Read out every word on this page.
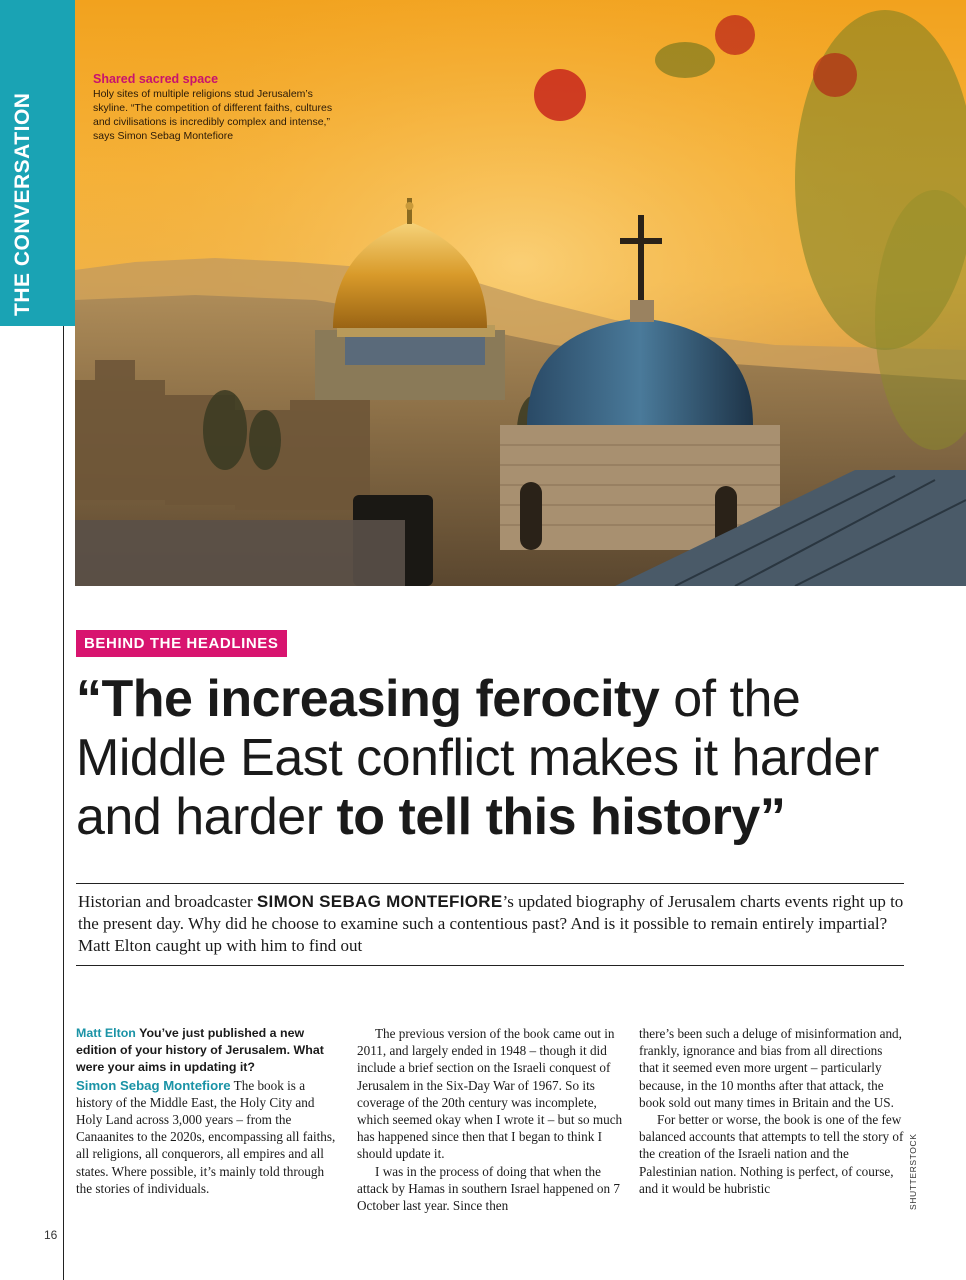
THE CONVERSATION
16
Shared sacred space
Holy sites of multiple religions stud Jerusalem’s skyline. “The competition of different faiths, cultures and civilisations is incredibly complex and intense,” says Simon Sebag Montefiore
BEHIND THE HEADLINES
“The increasing ferocity of the
Middle East conflict makes it harder
and harder to tell this history”
Historian and broadcaster SIMON SEBAG MONTEFIORE’s updated biography of Jerusalem charts events right up to the present day. Why did he choose to examine such a contentious past? And is it possible to remain entirely impartial? Matt Elton caught up with him to find out

Matt Elton You’ve just published a new edition of your history of Jerusalem. What were your aims in updating it?

Simon Sebag Montefiore The book is a history of the Middle East, the Holy City and Holy Land across 3,000 years – from the Canaanites to the 2020s, encompassing all faiths, all religions, all conquerors, all empires and all states. Where possible, it’s mainly told through the stories of individuals.

The previous version of the book came out in 2011, and largely ended in 1948 – though it did include a brief section on the Israeli conquest of Jerusalem in the Six-Day War of 1967. So its coverage of the 20th century was incomplete, which seemed okay when I wrote it – but so much has happened since then that I began to think I should update it.

I was in the process of doing that when the attack by Hamas in southern Israel happened on 7 October last year. Since then

there’s been such a deluge of misinformation and, frankly, ignorance and bias from all directions that it seemed even more urgent – particularly because, in the 10 months after that attack, the book sold out many times in Britain and the US.

For better or worse, the book is one of the few balanced accounts that attempts to tell the story of the creation of the Israeli nation and the Palestinian nation. Nothing is perfect, of course, and it would be hubristic	SHUTTERSTOCK
